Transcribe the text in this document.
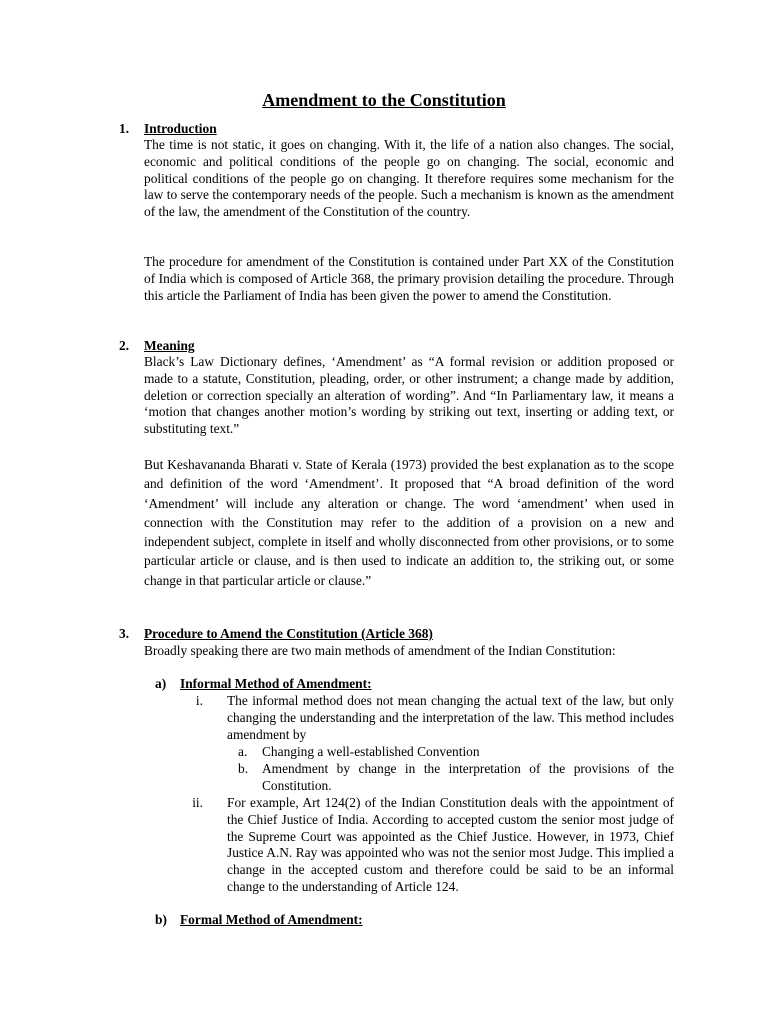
Amendment to the Constitution
1. Introduction

The time is not static, it goes on changing. With it, the life of a nation also changes. The social, economic and political conditions of the people go on changing. The social, economic and political conditions of the people go on changing. It therefore requires some mechanism for the law to serve the contemporary needs of the people. Such a mechanism is known as the amendment of the law, the amendment of the Constitution of the country.

The procedure for amendment of the Constitution is contained under Part XX of the Constitution of India which is composed of Article 368, the primary provision detailing the procedure. Through this article the Parliament of India has been given the power to amend the Constitution.

2. Meaning

Black’s Law Dictionary defines, ‘Amendment’ as “A formal revision or addition proposed or made to a statute, Constitution, pleading, order, or other instrument; a change made by addition, deletion or correction specially an alteration of wording”. And “In Parliamentary law, it means a ‘motion that changes another motion’s wording by striking out text, inserting or adding text, or substituting text.”

But Keshavananda Bharati v. State of Kerala (1973) provided the best explanation as to the scope and definition of the word ‘Amendment’. It proposed that “A broad definition of the word ‘Amendment’ will include any alteration or change. The word ‘amendment’ when used in connection with the Constitution may refer to the addition of a provision on a new and independent subject, complete in itself and wholly disconnected from other provisions, or to some particular article or clause, and is then used to indicate an addition to, the striking out, or some change in that particular article or clause.”

3. Procedure to Amend the Constitution (Article 368)

Broadly speaking there are two main methods of amendment of the Indian Constitution:

a) Informal Method of Amendment:
i. The informal method does not mean changing the actual text of the law, but only changing the understanding and the interpretation of the law. This method includes amendment by

a. Changing a well-established Convention

b. Amendment by change in the interpretation of the provisions of the Constitution.

ii. For example, Art 124(2) of the Indian Constitution deals with the appointment of the Chief Justice of India. According to accepted custom the senior most judge of the Supreme Court was appointed as the Chief Justice. However, in 1973, Chief Justice A.N. Ray was appointed who was not the senior most Judge. This implied a change in the accepted custom and therefore could be said to be an informal change to the understanding of Article 124.

b) Formal Method of Amendment:
